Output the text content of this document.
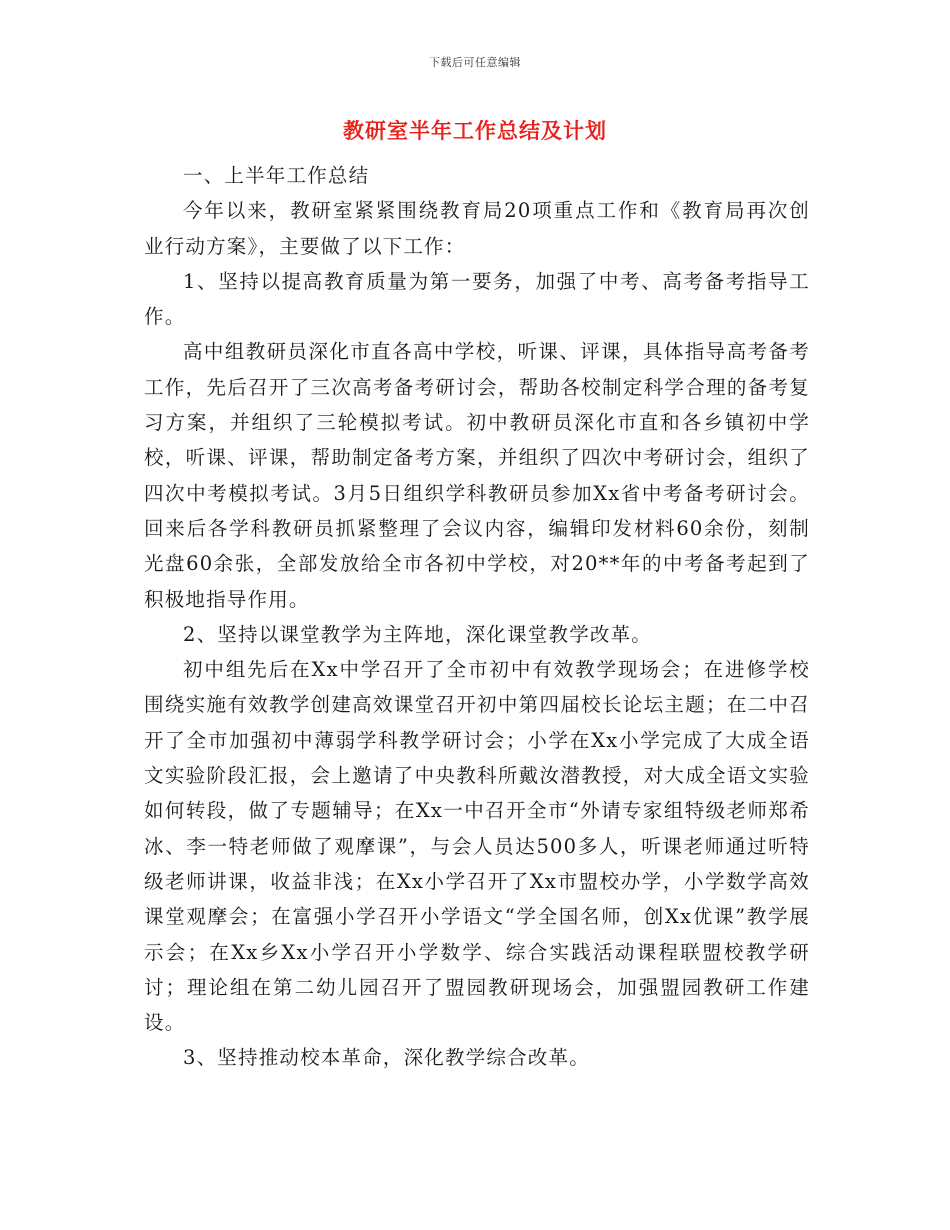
下载后可任意编辑
教研室半年工作总结及计划

一、上半年工作总结

今年以来，教研室紧紧围绕教育局20项重点工作和《教育局再次创业行动方案》，主要做了以下工作：

1、坚持以提高教育质量为第一要务，加强了中考、高考备考指导工作。

高中组教研员深化市直各高中学校，听课、评课，具体指导高考备考工作，先后召开了三次高考备考研讨会，帮助各校制定科学合理的备考复习方案，并组织了三轮模拟考试。初中教研员深化市直和各乡镇初中学校，听课、评课，帮助制定备考方案，并组织了四次中考研讨会，组织了四次中考模拟考试。3月5日组织学科教研员参加Xx省中考备考研讨会。回来后各学科教研员抓紧整理了会议内容，编辑印发材料60余份，刻制光盘60余张，全部发放给全市各初中学校，对20**年的中考备考起到了积极地指导作用。

2、坚持以课堂教学为主阵地，深化课堂教学改革。

初中组先后在Xx中学召开了全市初中有效教学现场会；在进修学校围绕实施有效教学创建高效课堂召开初中第四届校长论坛主题；在二中召开了全市加强初中薄弱学科教学研讨会；小学在Xx小学完成了大成全语文实验阶段汇报，会上邀请了中央教科所戴汝潜教授，对大成全语文实验如何转段，做了专题辅导；在Xx一中召开全市“外请专家组特级老师郑希冰、李一特老师做了观摩课”，与会人员达500多人，听课老师通过听特级老师讲课，收益非浅；在Xx小学召开了Xx市盟校办学，小学数学高效课堂观摩会；在富强小学召开小学语文“学全国名师，创Xx优课”教学展示会；在Xx乡Xx小学召开小学数学、综合实践活动课程联盟校教学研讨；理论组在第二幼儿园召开了盟园教研现场会，加强盟园教研工作建设。

3、坚持推动校本革命，深化教学综合改革。
